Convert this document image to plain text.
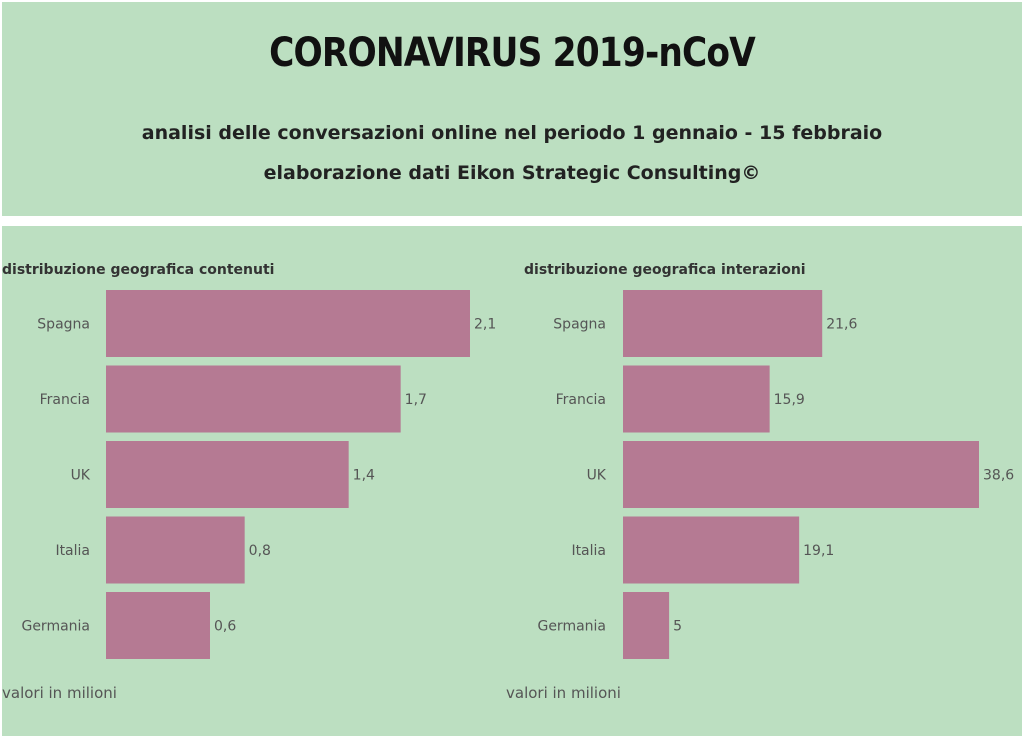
CORONAVIRUS 2019-nCoV
analisi delle conversazioni online nel periodo 1 gennaio - 15 febbraio
elaborazione dati Eikon Strategic Consulting©
distribuzione geografica contenuti
Spagna	2,1
Francia	1,7
UK	1,4
Italia	0,8
Germania	0,6
valori in milioni
distribuzione geografica interazioni
Spagna	21,6
Francia	15,9
UK	38,6
Italia	19,1
Germania	5
valori in milioni
